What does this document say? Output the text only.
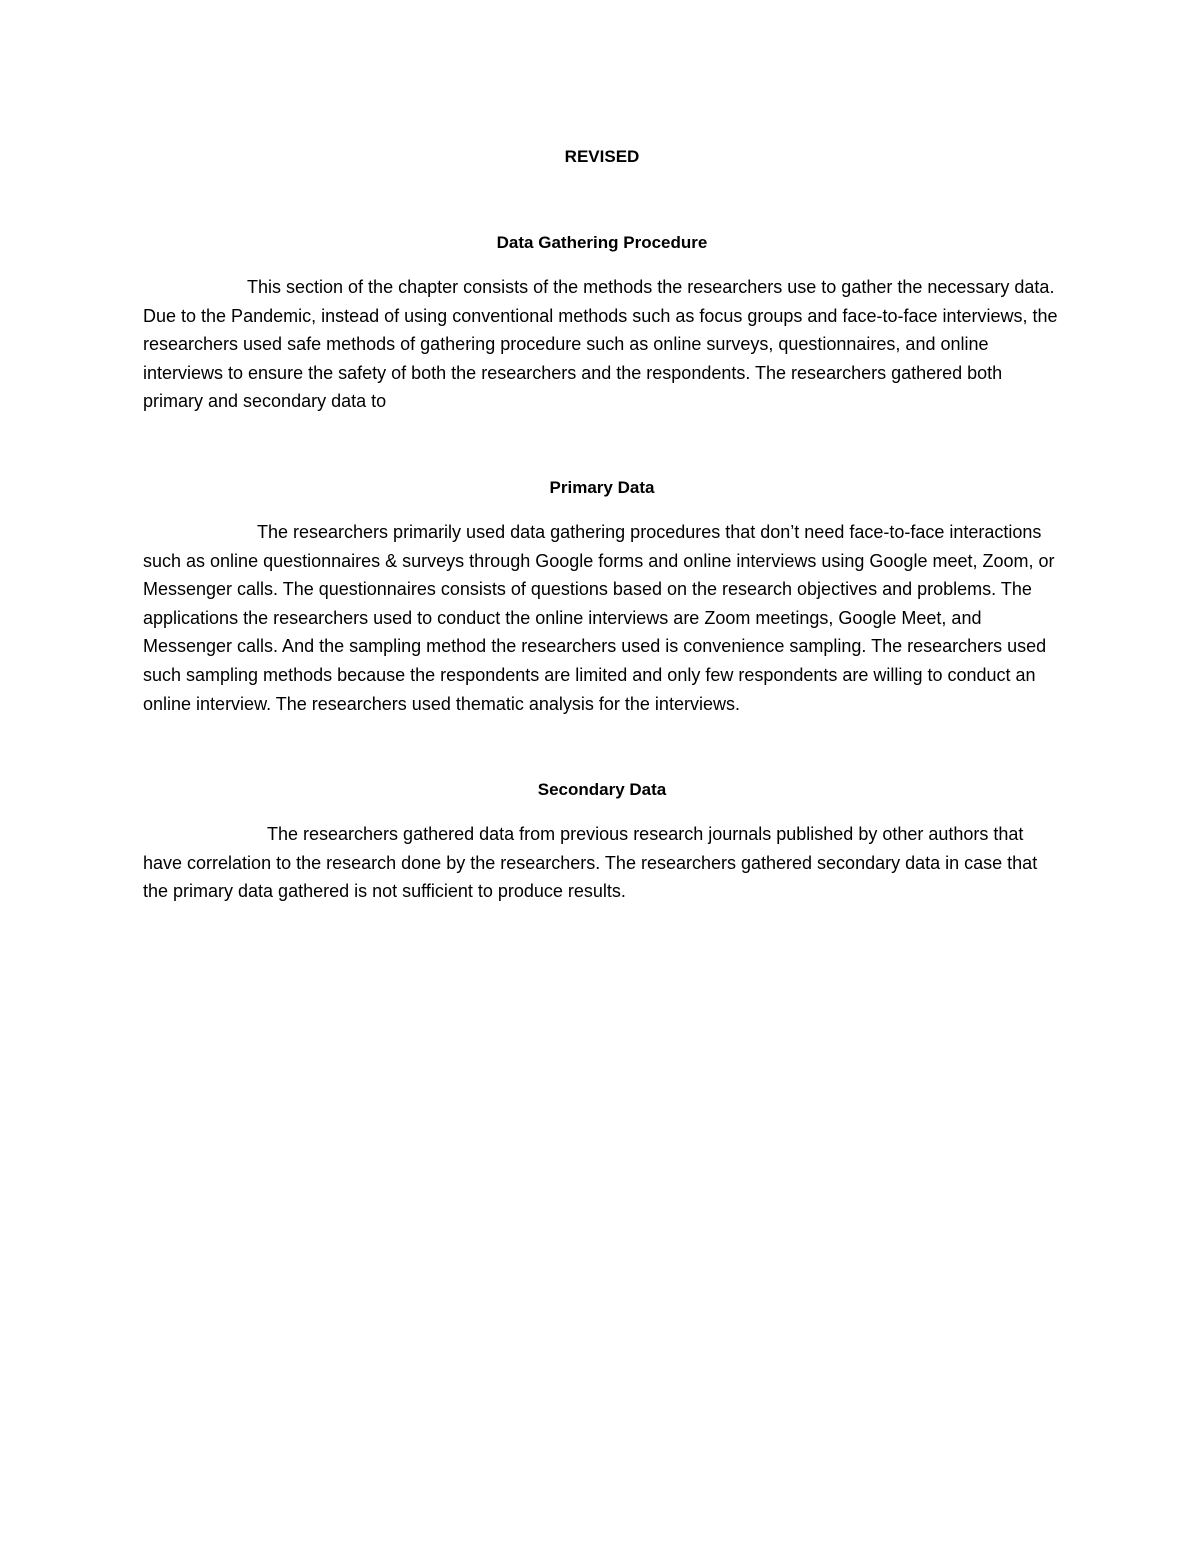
REVISED

Data Gathering Procedure

This section of the chapter consists of the methods the researchers use to gather the necessary data. Due to the Pandemic, instead of using conventional methods such as focus groups and face-to-face interviews, the researchers used safe methods of gathering procedure such as online surveys, questionnaires, and online interviews to ensure the safety of both the researchers and the respondents. The researchers gathered both primary and secondary data to

Primary Data

The researchers primarily used data gathering procedures that don’t need face-to-face interactions such as online questionnaires & surveys through Google forms and online interviews using Google meet, Zoom, or Messenger calls. The questionnaires consists of questions based on the research objectives and problems. The applications the researchers used to conduct the online interviews are Zoom meetings, Google Meet, and Messenger calls. And the sampling method the researchers used is convenience sampling. The researchers used such sampling methods because the respondents are limited and only few respondents are willing to conduct an online interview. The researchers used thematic analysis for the interviews.

Secondary Data

The researchers gathered data from previous research journals published by other authors that have correlation to the research done by the researchers. The researchers gathered secondary data in case that the primary data gathered is not sufficient to produce results.
